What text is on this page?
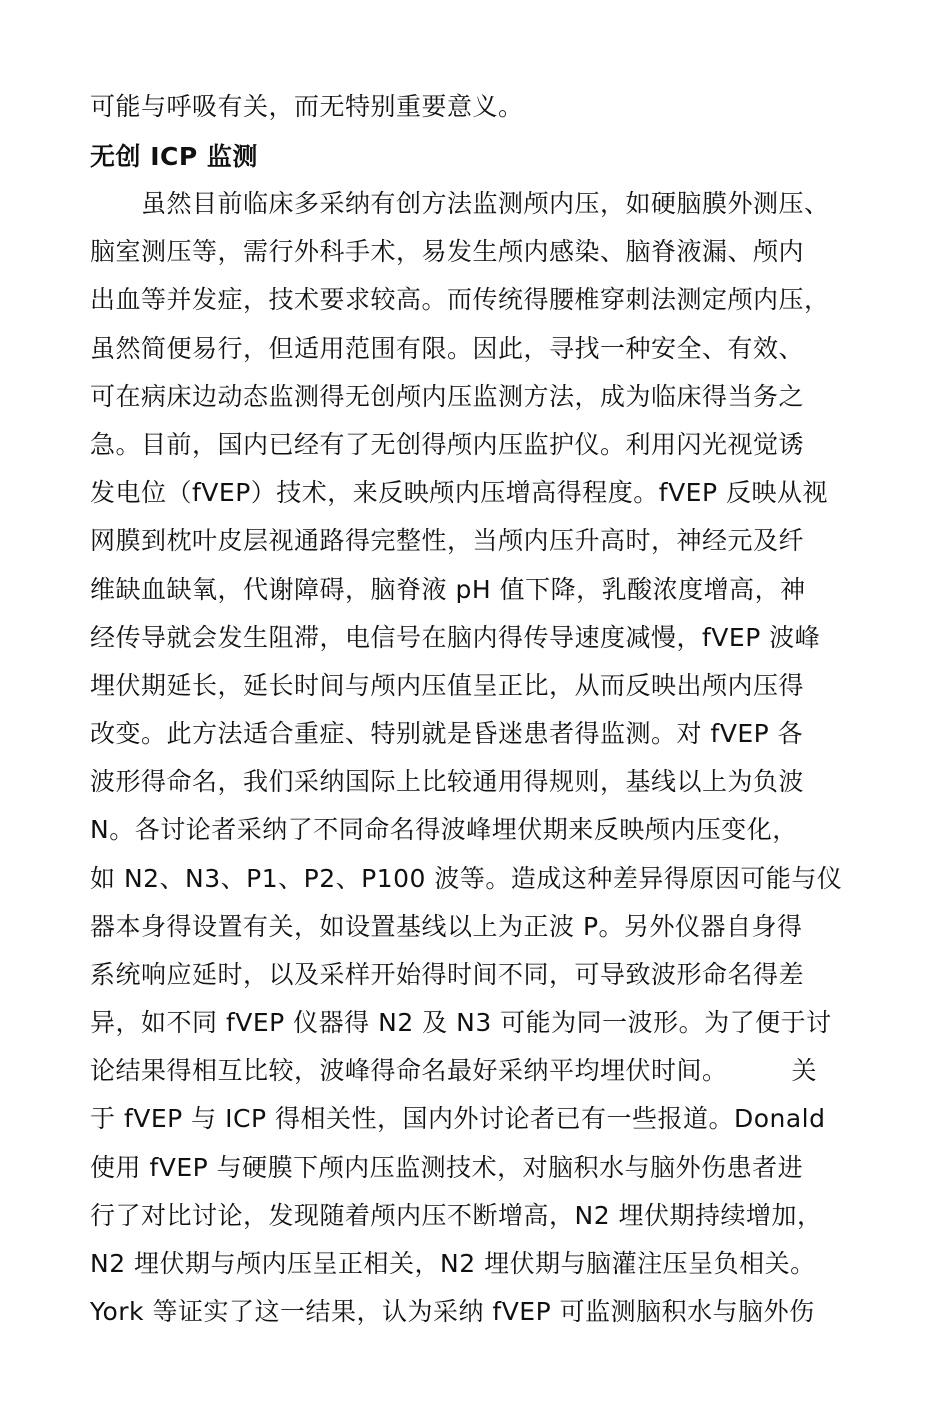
可能与呼吸有关，而无特别重要意义。
无创 ICP 监测
　　虽然目前临床多采纳有创方法监测颅内压，如硬脑膜外测压、
脑室测压等，需行外科手术，易发生颅内感染、脑脊液漏、颅内
出血等并发症，技术要求较高。而传统得腰椎穿刺法测定颅内压，
虽然简便易行，但适用范围有限。因此，寻找一种安全、有效、
可在病床边动态监测得无创颅内压监测方法，成为临床得当务之
急。目前，国内已经有了无创得颅内压监护仪。利用闪光视觉诱
发电位（fVEP）技术，来反映颅内压增高得程度。fVEP 反映从视
网膜到枕叶皮层视通路得完整性，当颅内压升高时，神经元及纤
维缺血缺氧，代谢障碍，脑脊液 pH 值下降，乳酸浓度增高，神
经传导就会发生阻滞，电信号在脑内得传导速度减慢，fVEP 波峰
埋伏期延长，延长时间与颅内压值呈正比，从而反映出颅内压得
改变。此方法适合重症、特别就是昏迷患者得监测。对 fVEP 各
波形得命名，我们采纳国际上比较通用得规则，基线以上为负波
N。各讨论者采纳了不同命名得波峰埋伏期来反映颅内压变化，
如 N2、N3、P1、P2、P100 波等。造成这种差异得原因可能与仪
器本身得设置有关，如设置基线以上为正波 P。另外仪器自身得
系统响应延时，以及采样开始得时间不同，可导致波形命名得差
异，如不同 fVEP 仪器得 N2 及 N3 可能为同一波形。为了便于讨
论结果得相互比较，波峰得命名最好采纳平均埋伏时间。　　　关
于 fVEP 与 ICP 得相关性，国内外讨论者已有一些报道。Donald
使用 fVEP 与硬膜下颅内压监测技术，对脑积水与脑外伤患者进
行了对比讨论，发现随着颅内压不断增高，N2 埋伏期持续增加，
N2 埋伏期与颅内压呈正相关，N2 埋伏期与脑灌注压呈负相关。
York 等证实了这一结果，认为采纳 fVEP 可监测脑积水与脑外伤
